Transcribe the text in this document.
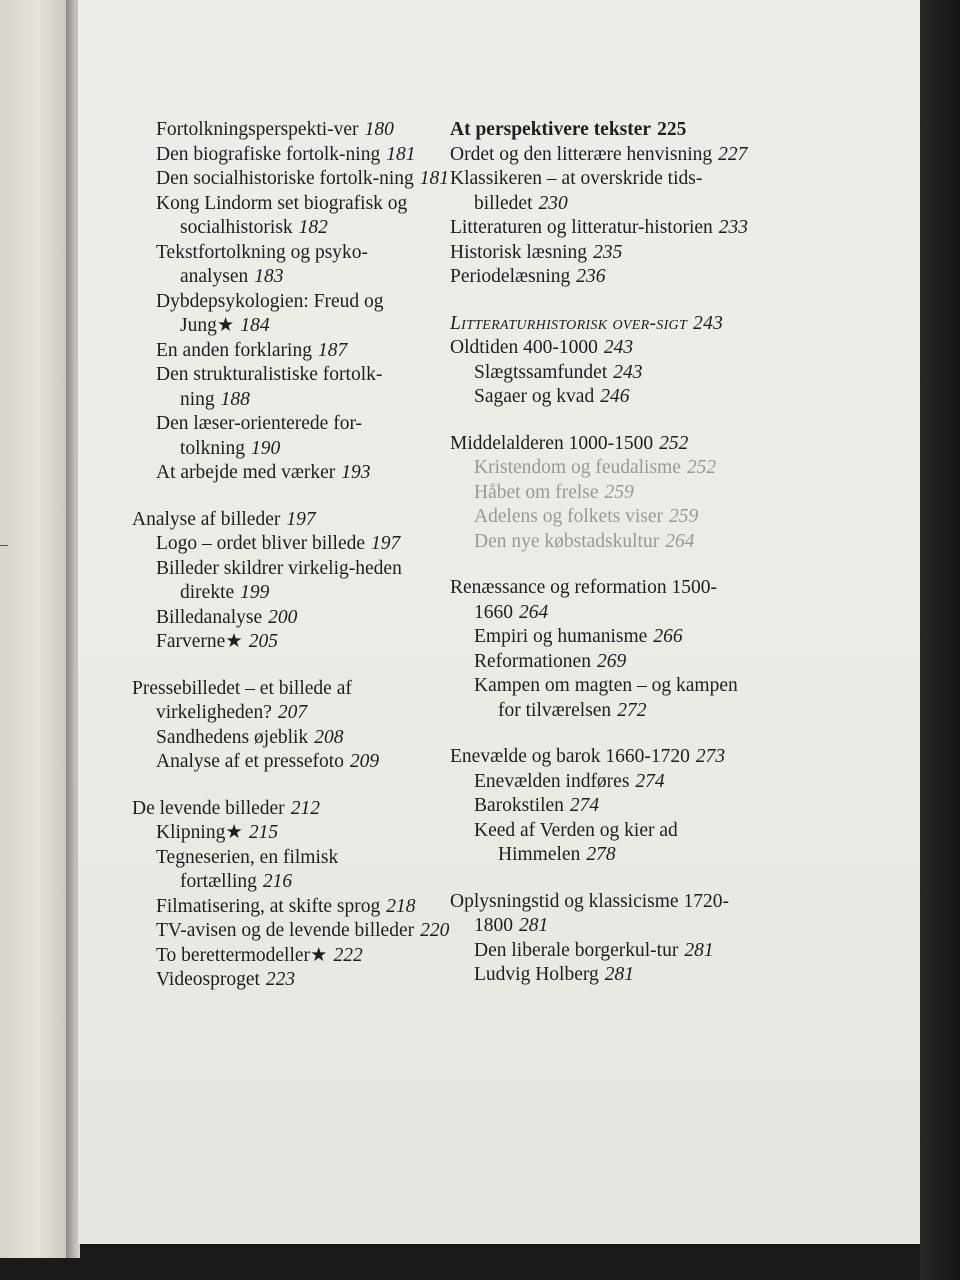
Fortolkningsperspekti-ver 180
Den biografiske fortolk-ning 181
Den socialhistoriske fortolk-ning 181
Kong Lindorm set biografisk og socialhistorisk 182
Tekstfortolkning og psyko-analysen 183
Dybdepsykologien: Freud og Jung★ 184
En anden forklaring 187
Den strukturalistiske fortolk-ning 188
Den læser-orienterede for-tolkning 190
At arbejde med værker 193
Analyse af billeder 197
Logo – ordet bliver billede 197
Billeder skildrer virkelig-heden direkte 199
Billedanalyse 200
Farverne★ 205
Pressebilledet – et billede af virkeligheden? 207
Sandhedens øjeblik 208
Analyse af et pressefoto 209
De levende billeder 212
Klipning★ 215
Tegneserien, en filmisk fortælling 216
Filmatisering, at skifte sprog 218
TV-avisen og de levende billeder 220
To berettermodeller★ 222
Videosproget 223
At perspektivere tekster 225
Ordet og den litterære henvisning 227
Klassikeren – at overskride tids-billedet 230
Litteraturen og litteratur-historien 233
Historisk læsning 235
Periodelæsning 236
Litteraturhistorisk over-sigt 243
Oldtiden 400-1000 243
Slægtssamfundet 243
Sagaer og kvad 246
Middelalderen 1000-1500 252
Kristendom og feudalisme 252
Håbet om frelse 259
Adelens og folkets viser 259
Den nye købstadskultur 264
Renæssance og reformation 1500-1660 264
Empiri og humanisme 266
Reformationen 269
Kampen om magten – og kampen for tilværelsen 272
Enevælde og barok 1660-1720 273
Enevælden indføres 274
Barokstilen 274
Keed af Verden og kier ad Himmelen 278
Oplysningstid og klassicisme 1720-1800 281
Den liberale borgerkul-tur 281
Ludvig Holberg 281
